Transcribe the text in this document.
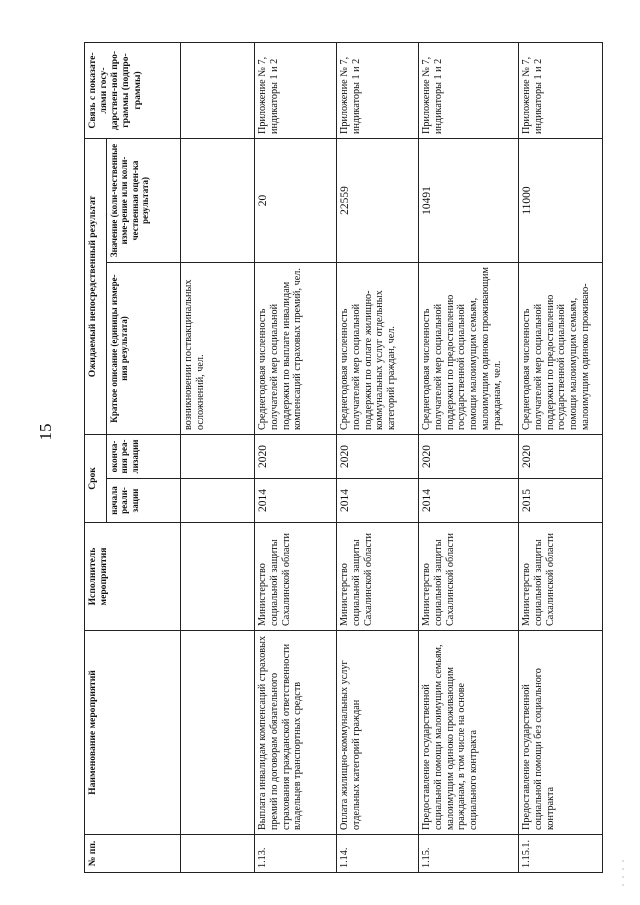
15
№ пп.	Наименование мероприятий	Исполнитель мероприятия	Срок		Ожидаемый непосредственный результат		Связь с показате-лями госу-дарствен-ной про-граммы (подпро-граммы)
			начала реали-зации	оконча-ния реа-лизации	Краткое описание (единицы измере-ния результата)	Значение (коли-чественные изме-рение или коли-чественная оцен-ка результата)	
					возникновении поствакцинальных осложнений, чел.		
1.13.	Выплата инвалидам компенсаций страховых премий по договорам обязательного страхования гражданской ответственности владельцев транспортных средств	Министерство социальной защиты Сахалинской области	2014	2020	Среднегодовая численность получателей мер социальной поддержки по выплате инвалидам компенсаций страховых премий, чел.	20	Приложение № 7, индикаторы 1 и 2
1.14.	Оплата жилищно-коммунальных услуг отдельных категорий граждан	Министерство социальной защиты Сахалинской области	2014	2020	Среднегодовая численность получателей мер социальной поддержки по оплате жилищно-коммунальных услуг отдельных категорий граждан, чел.	22559	Приложение № 7, индикаторы 1 и 2
1.15.	Предоставление государственной социальной помощи малоимущим семьям, малоимущим одиноко проживающим гражданам, в том числе на основе социального контракта	Министерство социальной защиты Сахалинской области	2014	2020	Среднегодовая численность получателей мер социальной поддержки по предоставлению государственной социальной помощи малоимущим семьям, малоимущим одиноко проживающим гражданам, чел.	10491	Приложение № 7, индикаторы 1 и 2
1.15.1.	Предоставление государственной социальной помощи без социального контракта	Министерство социальной защиты Сахалинской области	2015	2020	Среднегодовая численность получателей мер социальной поддержки по предоставлению государственной социальной помощи малоимущим семьям, малоимущим одиноко проживаю-	11000	Приложение № 7, индикаторы 1 и 2
·
·
·
·
